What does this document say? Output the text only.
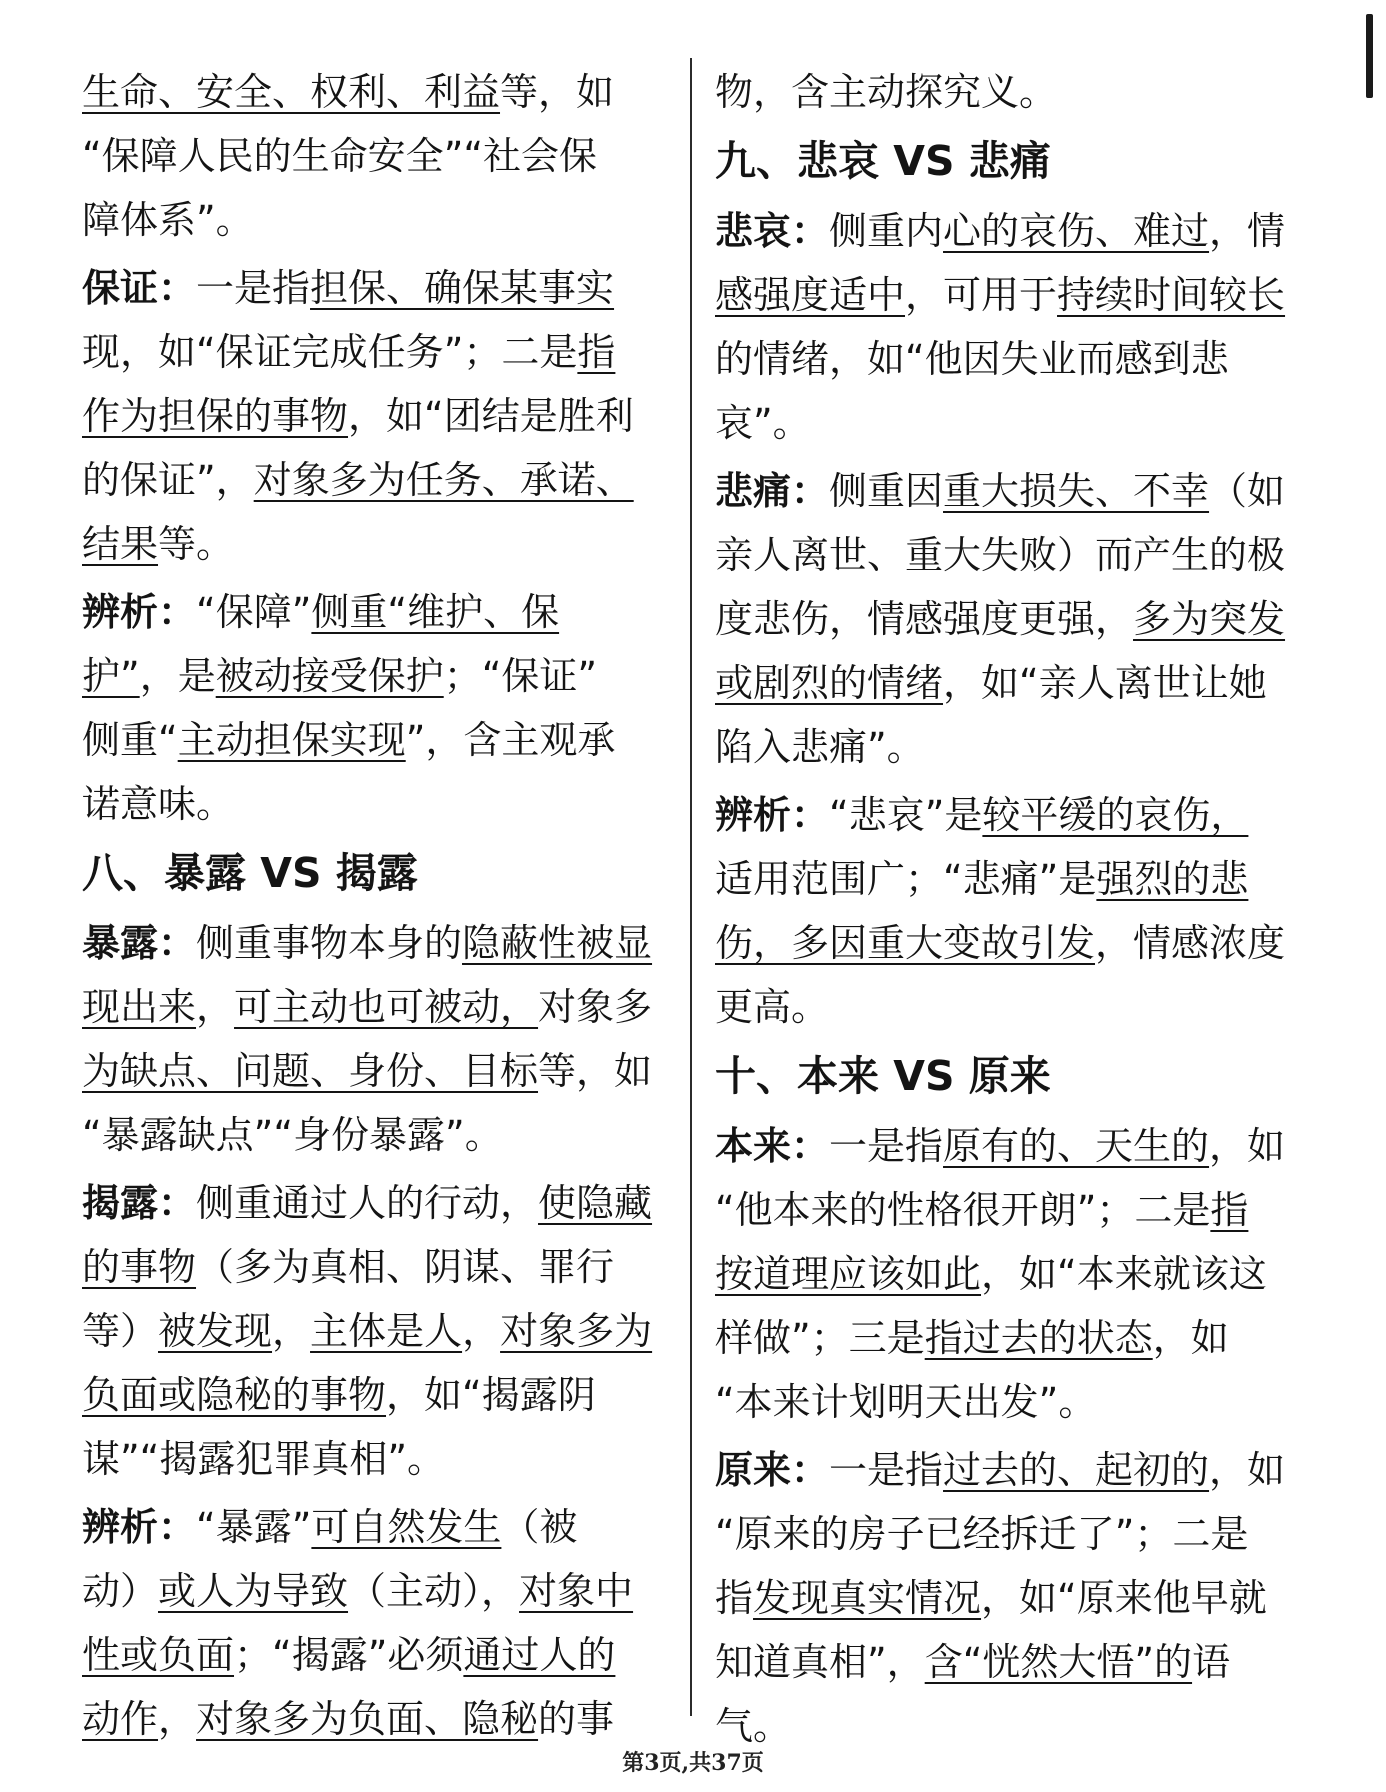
生命、安全、权利、利益等，如
“保障人民的生命安全”“社会保
障体系”。
保证：一是指担保、确保某事实
现，如“保证完成任务”；二是指
作为担保的事物，如“团结是胜利
的保证”，对象多为任务、承诺、
结果等。
辨析：“保障”侧重“维护、保
护”，是被动接受保护；“保证”
侧重“主动担保实现”，含主观承
诺意味。
八、暴露 VS 揭露
暴露：侧重事物本身的隐蔽性被显
现出来，可主动也可被动，对象多
为缺点、问题、身份、目标等，如
“暴露缺点”“身份暴露”。
揭露：侧重通过人的行动，使隐藏
的事物（多为真相、阴谋、罪行
等）被发现，主体是人，对象多为
负面或隐秘的事物，如“揭露阴
谋”“揭露犯罪真相”。
辨析：“暴露”可自然发生（被
动）或人为导致（主动），对象中
性或负面；“揭露”必须通过人的
动作，对象多为负面、隐秘的事
物，含主动探究义。
九、悲哀 VS 悲痛
悲哀：侧重内心的哀伤、难过，情
感强度适中，可用于持续时间较长
的情绪，如“他因失业而感到悲
哀”。
悲痛：侧重因重大损失、不幸（如
亲人离世、重大失败）而产生的极
度悲伤，情感强度更强，多为突发
或剧烈的情绪，如“亲人离世让她
陷入悲痛”。
辨析：“悲哀”是较平缓的哀伤，
适用范围广；“悲痛”是强烈的悲
伤，多因重大变故引发，情感浓度
更高。
十、本来 VS 原来
本来：一是指原有的、天生的，如
“他本来的性格很开朗”；二是指
按道理应该如此，如“本来就该这
样做”；三是指过去的状态，如
“本来计划明天出发”。
原来：一是指过去的、起初的，如
“原来的房子已经拆迁了”；二是
指发现真实情况，如“原来他早就
知道真相”，含“恍然大悟”的语
气。
第3页,共37页
